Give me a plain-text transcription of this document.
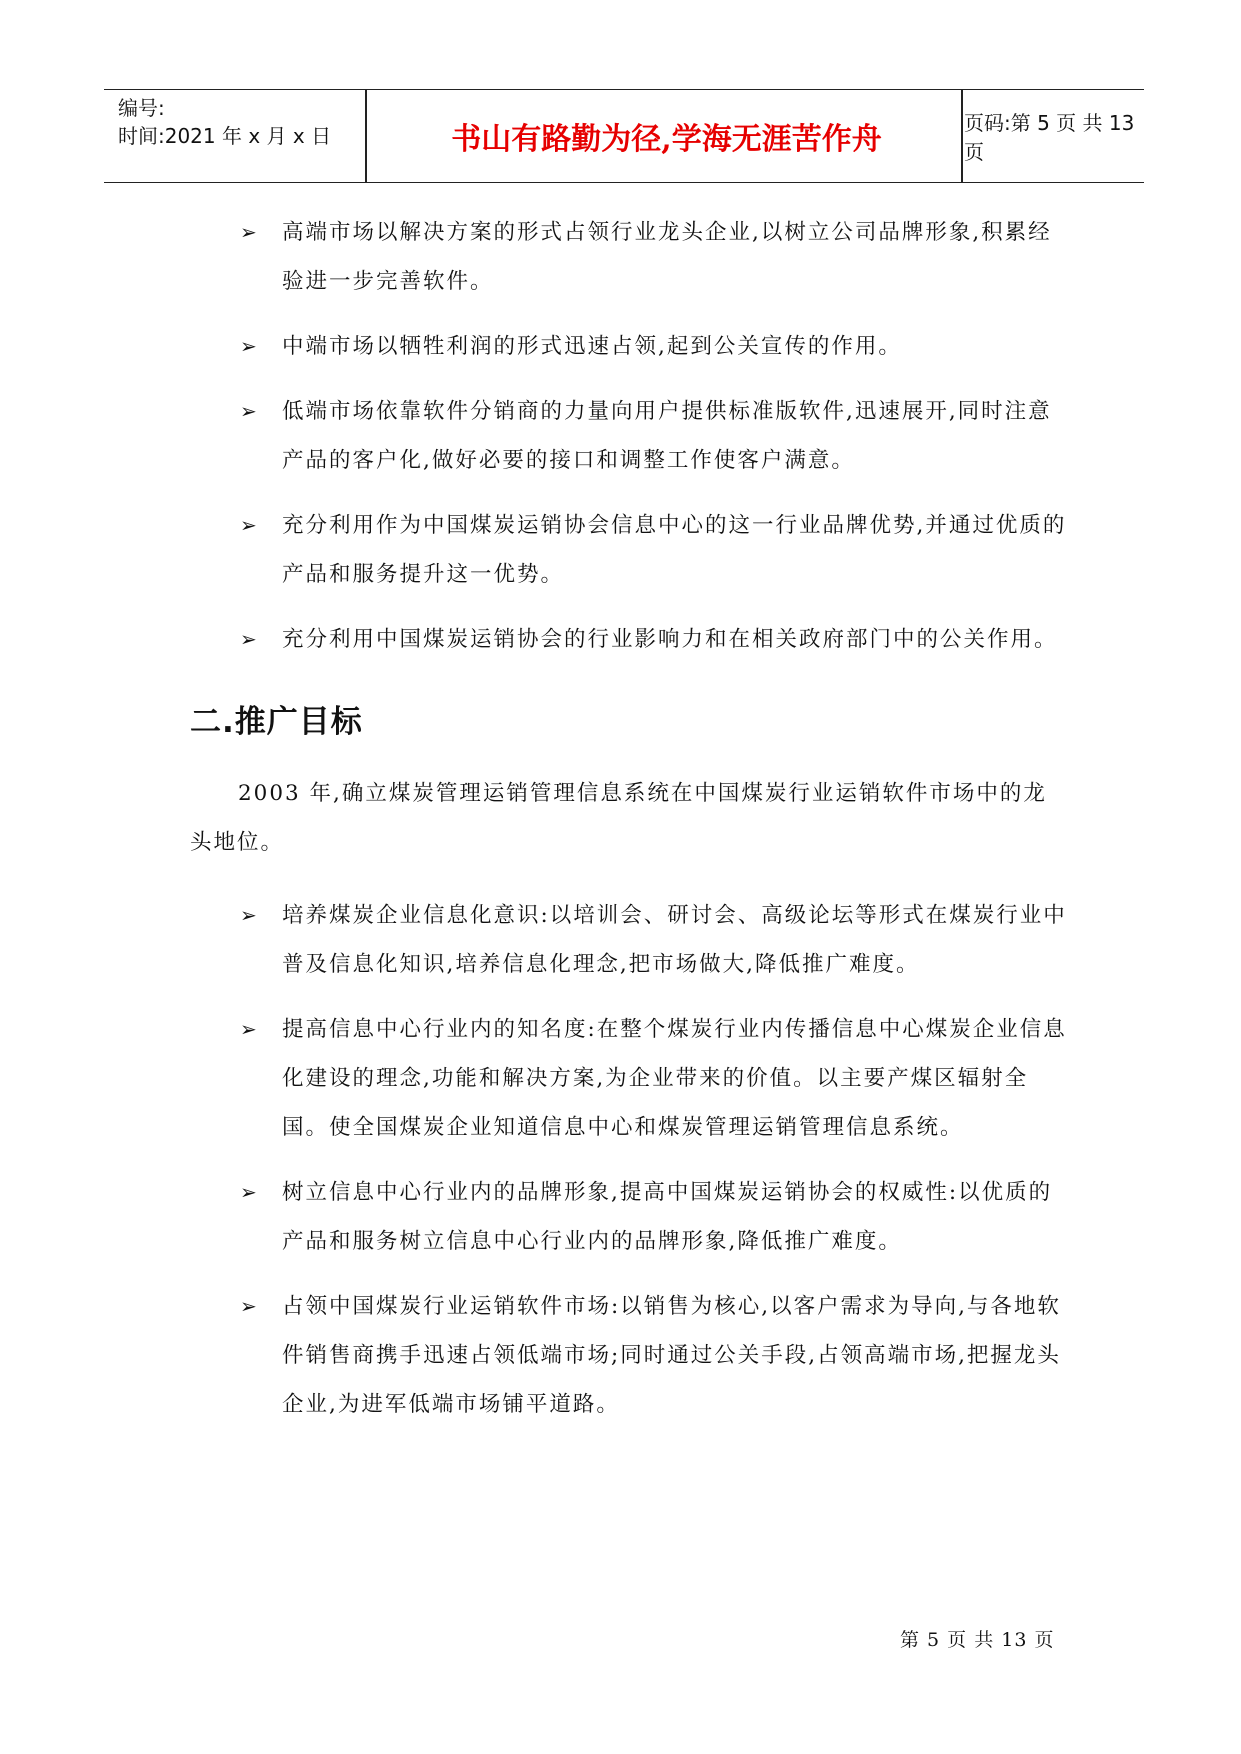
编号:
时间:2021 年 x 月 x 日	书山有路勤为径,学海无涯苦作舟	页码:第 5 页 共 13 页
➢ 高端市场以解决方案的形式占领行业龙头企业,以树立公司品牌形象,积累经验进一步完善软件。
➢ 中端市场以牺牲利润的形式迅速占领,起到公关宣传的作用。
➢ 低端市场依靠软件分销商的力量向用户提供标准版软件,迅速展开,同时注意产品的客户化,做好必要的接口和调整工作使客户满意。
➢ 充分利用作为中国煤炭运销协会信息中心的这一行业品牌优势,并通过优质的产品和服务提升这一优势。
➢ 充分利用中国煤炭运销协会的行业影响力和在相关政府部门中的公关作用。
二.推广目标
2003 年,确立煤炭管理运销管理信息系统在中国煤炭行业运销软件市场中的龙头地位。
➢ 培养煤炭企业信息化意识:以培训会、研讨会、高级论坛等形式在煤炭行业中普及信息化知识,培养信息化理念,把市场做大,降低推广难度。
➢ 提高信息中心行业内的知名度:在整个煤炭行业内传播信息中心煤炭企业信息化建设的理念,功能和解决方案,为企业带来的价值。以主要产煤区辐射全国。使全国煤炭企业知道信息中心和煤炭管理运销管理信息系统。
➢ 树立信息中心行业内的品牌形象,提高中国煤炭运销协会的权威性:以优质的产品和服务树立信息中心行业内的品牌形象,降低推广难度。
➢ 占领中国煤炭行业运销软件市场:以销售为核心,以客户需求为导向,与各地软件销售商携手迅速占领低端市场;同时通过公关手段,占领高端市场,把握龙头企业,为进军低端市场铺平道路。
第 5 页 共 13 页
